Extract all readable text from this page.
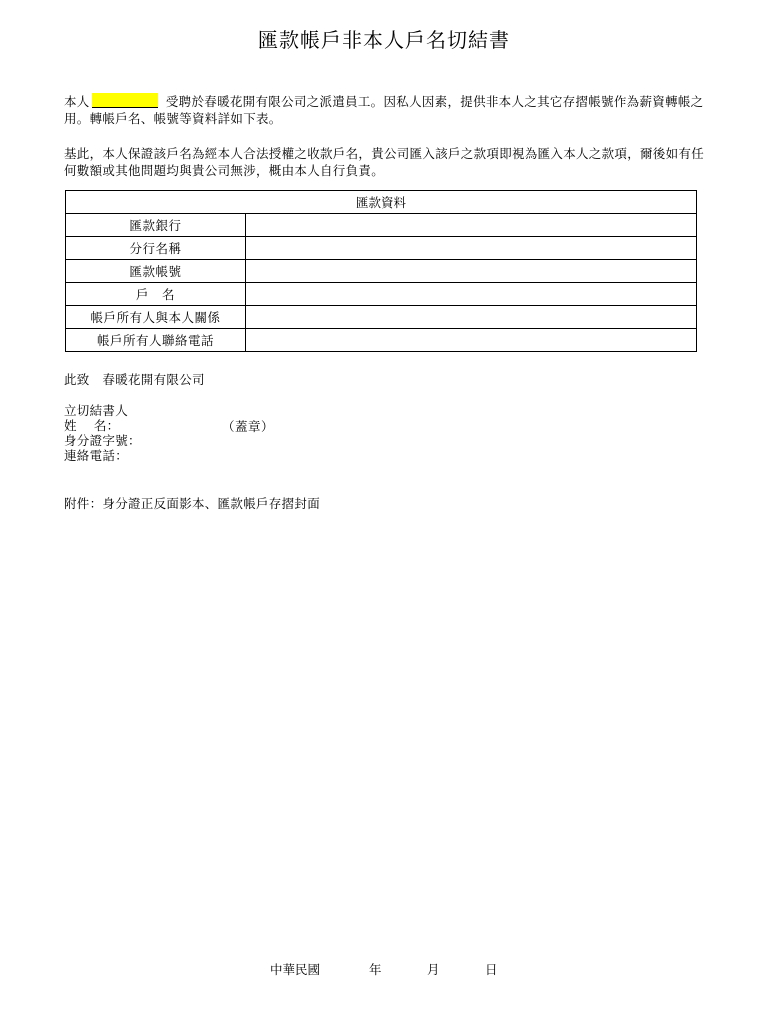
匯款帳戶非本人戶名切結書
本人	受聘於春暖花開有限公司之派遣員工。因私人因素，提供非本人之其它存摺帳號作為薪資轉帳之用。轉帳戶名、帳號等資料詳如下表。
基此，本人保證該戶名為經本人合法授權之收款戶名，貴公司匯入該戶之款項即視為匯入本人之款項，爾後如有任何數額或其他問題均與貴公司無涉，概由本人自行負責。
匯款資料	
匯款銀行	
分行名稱	
匯款帳號	
戶　名	
帳戶所有人與本人關係	
帳戶所有人聯絡電話	
此致　春暖花開有限公司
立切結書人
姓　 名：	（蓋章）
身分證字號：
連絡電話：
附件：身分證正反面影本、匯款帳戶存摺封面
中華民國	年	月	日
